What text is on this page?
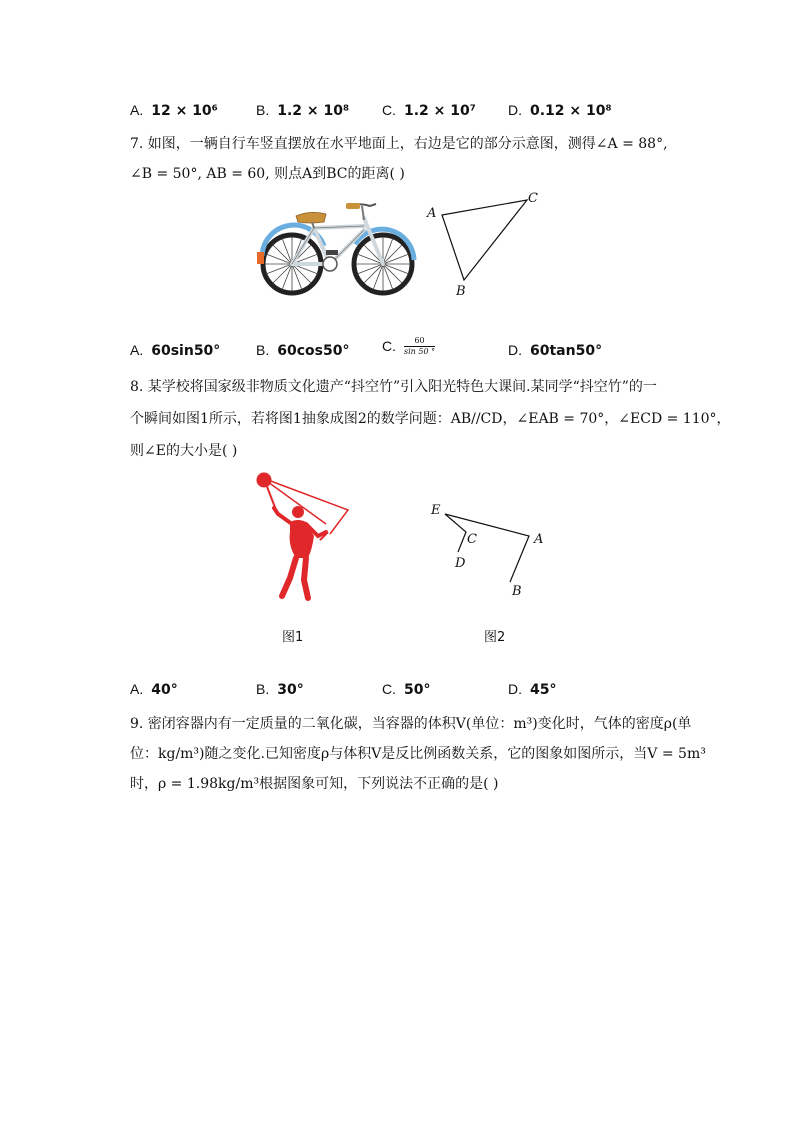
A. 12 × 10⁶	B. 1.2 × 10⁸ C. 1.2 × 10⁷ D. 0.12 × 10⁸
7. 如图，一辆自行车竖直摆放在水平地面上，右边是它的部分示意图，测得∠A = 88°,
∠B = 50°, AB = 60, 则点A到BC的距离( )
A
C
B
A. 60sin50°	B. 60cos50° C. $\frac{60}{\sin 50 ^\circ}$	D. 60tan50°
8. 某学校将国家级非物质文化遗产“抖空竹”引入阳光特色大课间.某同学“抖空竹”的一
个瞬间如图1所示，若将图1抽象成图2的数学问题：AB//CD，∠EAB = 70°，∠ECD = 110°，
则∠E的大小是( )
图1
E
C
D
A
B
图2
A. 40°	B. 30°	C. 50°	D. 45°
9. 密闭容器内有一定质量的二氧化碳，当容器的体积V(单位：m³)变化时，气体的密度ρ(单
位：kg/m³)随之变化.已知密度ρ与体积V是反比例函数关系，它的图象如图所示，当V = 5m³
时，ρ = 1.98kg/m³根据图象可知，下列说法不正确的是( )
